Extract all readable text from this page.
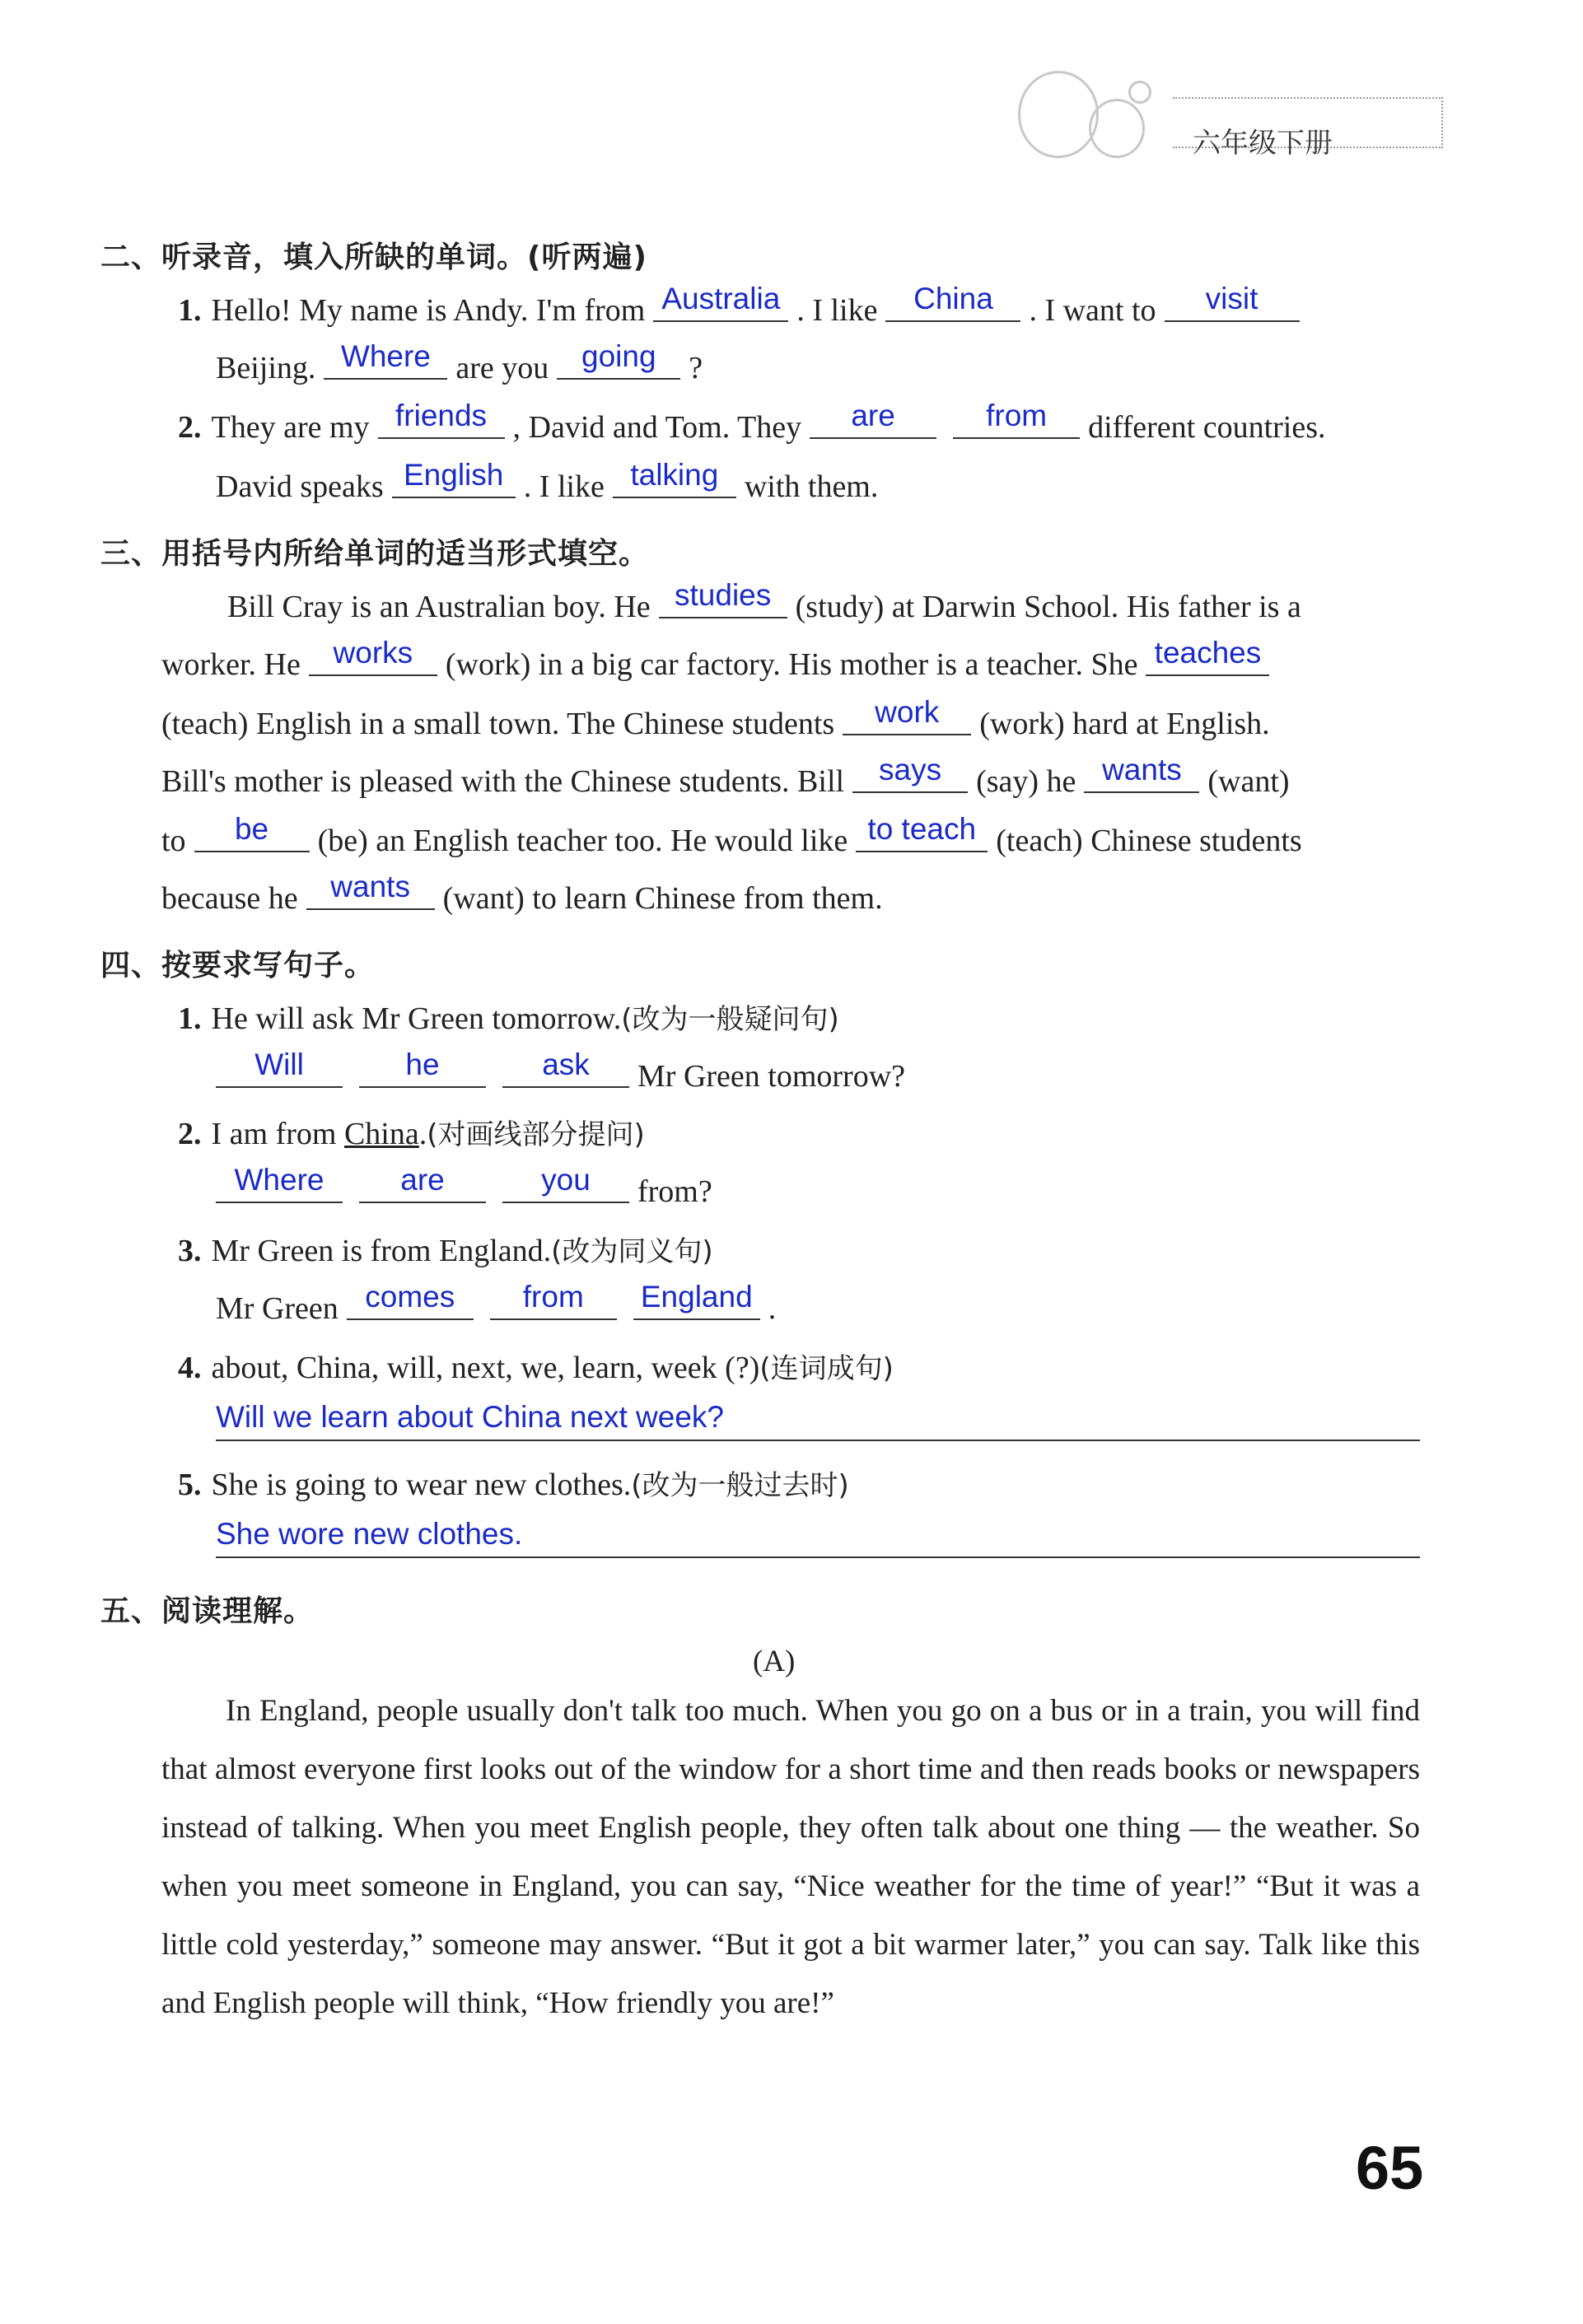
六年级下册
二、听录音，填入所缺的单词。(听两遍)
1. Hello! My name is Andy. I'm from Australia . I like China . I want to visit
Beijing. Where are you going ?
2. They are my friends , David and Tom. They are	from different countries.
David speaks English . I like talking with them.
三、用括号内所给单词的适当形式填空。
Bill Cray is an Australian boy. He studies (study) at Darwin School. His father is a
worker. He works (work) in a big car factory. His mother is a teacher. She teaches
(teach) English in a small town. The Chinese students work (work) hard at English.
Bill's mother is pleased with the Chinese students. Bill says (say) he wants (want)
to be (be) an English teacher too. He would like to teach (teach) Chinese students
because he wants (want) to learn Chinese from them.
四、按要求写句子。
1. He will ask Mr Green tomorrow.(改为一般疑问句)
Will	he	ask Mr Green tomorrow?
2. I am from China.(对画线部分提问)
Where	are	you from?
3. Mr Green is from England.(改为同义句)
Mr Green comes from England .
4. about, China, will, next, we, learn, week (?)(连词成句)
Will we learn about China next week?
5. She is going to wear new clothes.(改为一般过去时)
She wore new clothes.
五、阅读理解。
(A)
In England, people usually don't talk too much. When you go on a bus or in a train, you will find that almost everyone first looks out of the window for a short time and then reads books or newspapers instead of talking. When you meet English people, they often talk about one thing — the weather. So when you meet someone in England, you can say, “Nice weather for the time of year!” “But it was a little cold yesterday,” someone may answer. “But it got a bit warmer later,” you can say. Talk like this and English people will think, “How friendly you are!”
65
